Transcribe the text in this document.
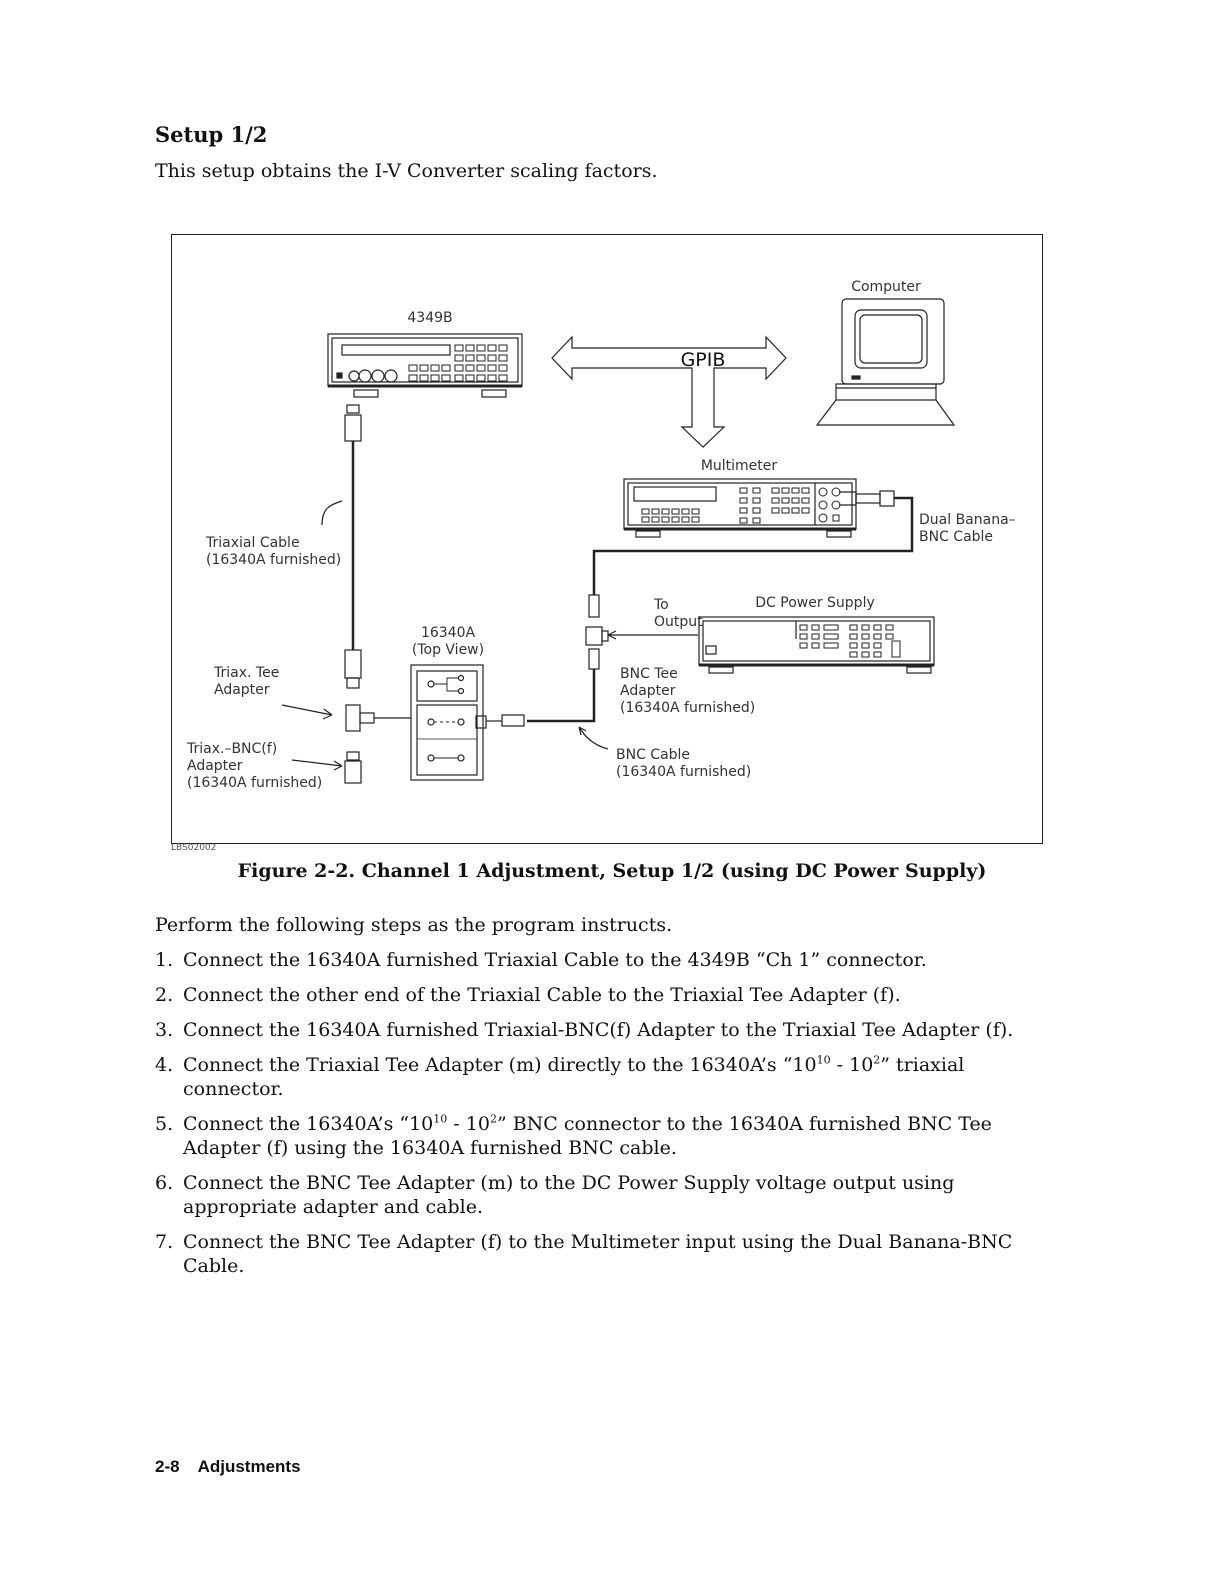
Setup 1/2
This setup obtains the I-V Converter scaling factors.
Computer
4349B
GPIB
Multimeter
Dual Banana–
BNC Cable
DC Power Supply
To
Output
BNC Tee
Adapter
(16340A furnished)
Triaxial Cable
(16340A furnished)
Triax. Tee
Adapter
Triax.–BNC(f)
Adapter
(16340A furnished)
16340A
(Top View)
BNC Cable
(16340A furnished)
LBS02002
Figure 2-2. Channel 1 Adjustment, Setup 1/2 (using DC Power Supply)
Perform the following steps as the program instructs.
1. Connect the 16340A furnished Triaxial Cable to the 4349B “Ch 1” connector.
2. Connect the other end of the Triaxial Cable to the Triaxial Tee Adapter (f).
3. Connect the 16340A furnished Triaxial-BNC(f) Adapter to the Triaxial Tee Adapter (f).
4. Connect the Triaxial Tee Adapter (m) directly to the 16340A’s “$10^{10} - 10^2$” triaxial connector.
5. Connect the 16340A’s “$10^{10} - 10^2$” BNC connector to the 16340A furnished BNC Tee Adapter (f) using the 16340A furnished BNC cable.
6. Connect the BNC Tee Adapter (m) to the DC Power Supply voltage output using appropriate adapter and cable.
7. Connect the BNC Tee Adapter (f) to the Multimeter input using the Dual Banana-BNC Cable.
2-8 Adjustments
